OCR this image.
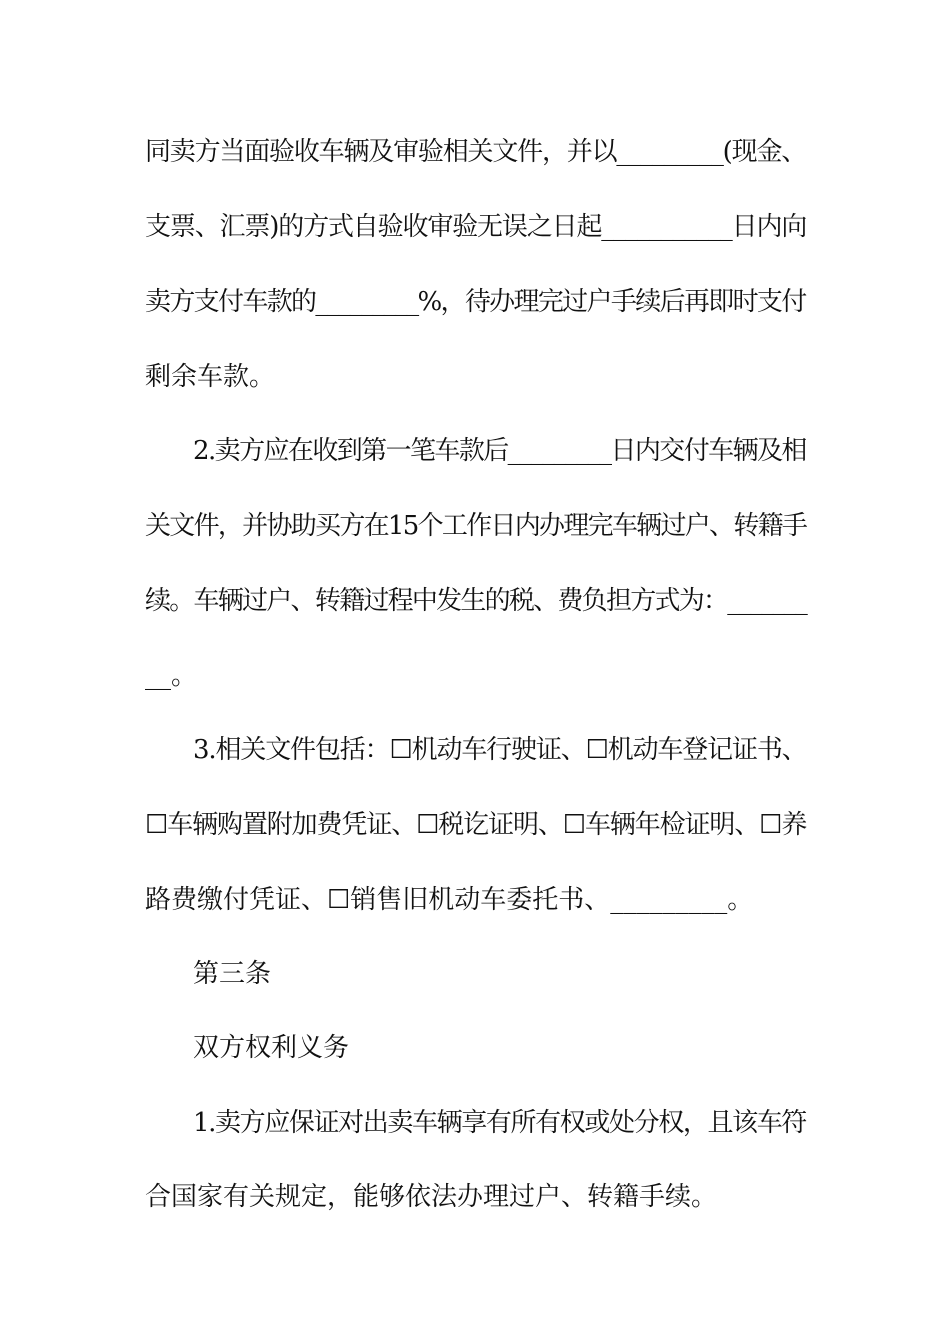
同卖方当面验收车辆及审验相关文件，并以_________(现金、
支票、汇票)的方式自验收审验无误之日起___________日内向
卖方支付车款的_________%，待办理完过户手续后再即时支付
剩余车款。
2.卖方应在收到第一笔车款后_________日内交付车辆及相
关文件，并协助买方在15个工作日内办理完车辆过户、转籍手
续。车辆过户、转籍过程中发生的税、费负担方式为：_______
__。
3.相关文件包括：☐机动车行驶证、☐机动车登记证书、
☐车辆购置附加费凭证、☐税讫证明、☐车辆年检证明、☐养
路费缴付凭证、☐销售旧机动车委托书、_________。
第三条
双方权利义务
1.卖方应保证对出卖车辆享有所有权或处分权，且该车符
合国家有关规定，能够依法办理过户、转籍手续。
